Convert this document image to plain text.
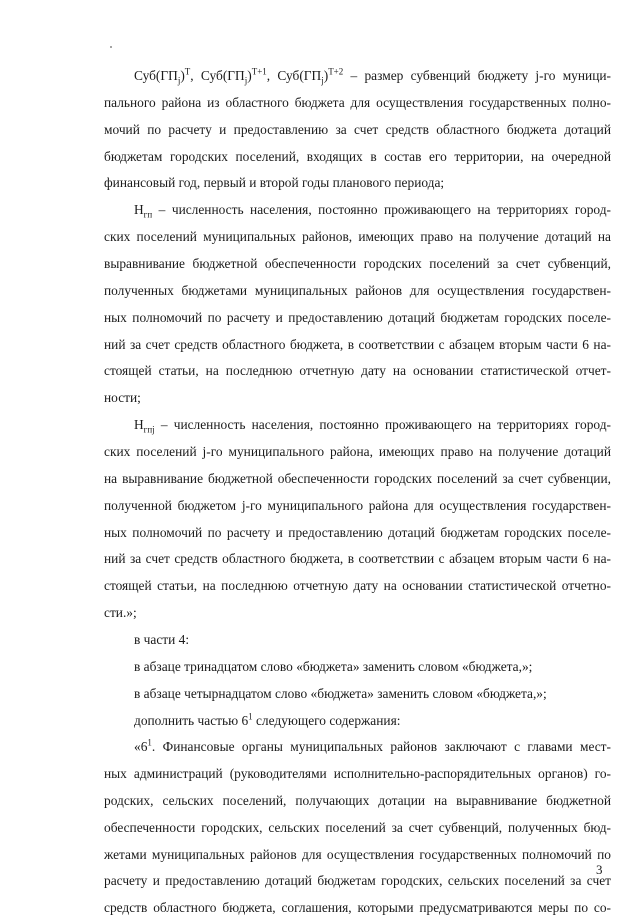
$Суб(ГП_j)^T$, $Суб(ГП_j)^{T+1}$, $Суб(ГП_j)^{T+2}$ – размер субвенций бюджету j-го муници-
пального района из областного бюджета для осуществления государственных полно-
мочий по расчету и предоставлению за счет средств областного бюджета дотаций
бюджетам городских поселений, входящих в состав его территории, на очередной
финансовый год, первый и второй годы планового периода;
$Н_{гп}$ – численность населения, постоянно проживающего на территориях город-
ских поселений муниципальных районов, имеющих право на получение дотаций на
выравнивание бюджетной обеспеченности городских поселений за счет субвенций,
полученных бюджетами муниципальных районов для осуществления государствен-
ных полномочий по расчету и предоставлению дотаций бюджетам городских поселе-
ний за счет средств областного бюджета, в соответствии с абзацем вторым части 6 на-
стоящей статьи, на последнюю отчетную дату на основании статистической отчет-
ности;
$Н_{гпj}$ – численность населения, постоянно проживающего на территориях город-
ских поселений j-го муниципального района, имеющих право на получение дотаций
на выравнивание бюджетной обеспеченности городских поселений за счет субвенции,
полученной бюджетом j-го муниципального района для осуществления государствен-
ных полномочий по расчету и предоставлению дотаций бюджетам городских поселе-
ний за счет средств областного бюджета, в соответствии с абзацем вторым части 6 на-
стоящей статьи, на последнюю отчетную дату на основании статистической отчетно-
сти.»;
в части 4:
в абзаце тринадцатом слово «бюджета» заменить словом «бюджета,»;
в абзаце четырнадцатом слово «бюджета» заменить словом «бюджета,»;
дополнить частью $6^1$ следующего содержания:
«$6^1$. Финансовые органы муниципальных районов заключают с главами мест-
ных администраций (руководителями исполнительно-распорядительных органов) го-
родских, сельских поселений, получающих дотации на выравнивание бюджетной
обеспеченности городских, сельских поселений за счет субвенций, полученных бюд-
жетами муниципальных районов для осуществления государственных полномочий по
расчету и предоставлению дотаций бюджетам городских, сельских поселений за счет
средств областного бюджета, соглашения, которыми предусматриваются меры по со-
3
